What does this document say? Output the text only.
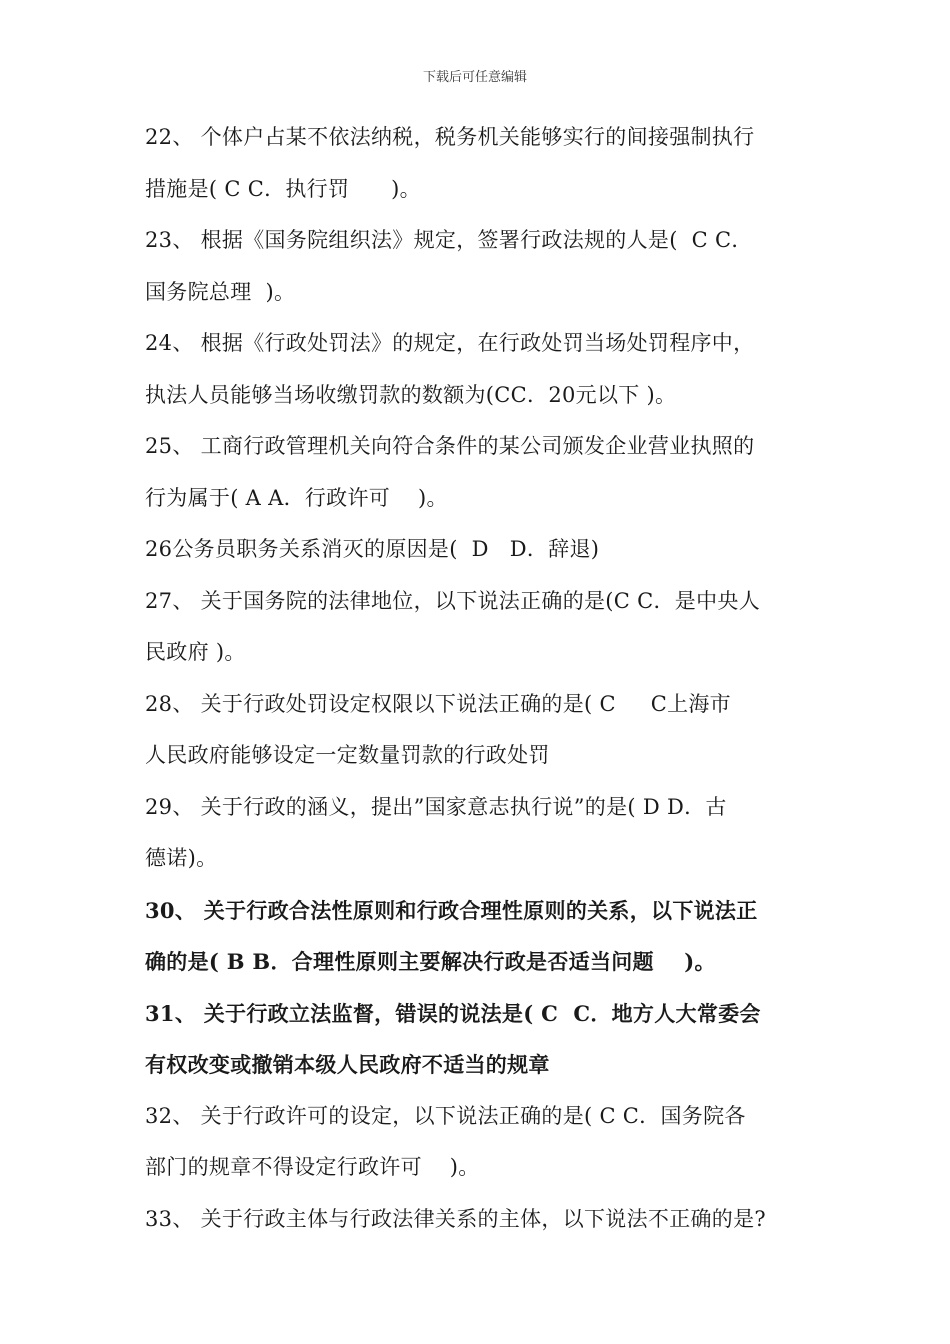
下载后可任意编辑
22、 个体户占某不依法纳税，税务机关能够实行的间接强制执行
措施是( C C．执行罚      )。
23、 根据《国务院组织法》规定，签署行政法规的人是(  C C．
国务院总理  )。
24、 根据《行政处罚法》的规定，在行政处罚当场处罚程序中，
执法人员能够当场收缴罚款的数额为(CC．20元以下 )。
25、 工商行政管理机关向符合条件的某公司颁发企业营业执照的
行为属于( A A．行政许可    )。
26公务员职务关系消灭的原因是(  D   D．辞退)
27、 关于国务院的法律地位，以下说法正确的是(C C．是中央人
民政府 )。
28、 关于行政处罚设定权限以下说法正确的是( C     C上海市
人民政府能够设定一定数量罚款的行政处罚
29、 关于行政的涵义，提出”国家意志执行说”的是( D D．古
德诺)。
30、 关于行政合法性原则和行政合理性原则的关系，以下说法正
确的是( B B．合理性原则主要解决行政是否适当问题    )。
31、 关于行政立法监督，错误的说法是( C  C．地方人大常委会
有权改变或撤销本级人民政府不适当的规章
32、 关于行政许可的设定，以下说法正确的是( C C．国务院各
部门的规章不得设定行政许可    )。
33、 关于行政主体与行政法律关系的主体，以下说法不正确的是?
